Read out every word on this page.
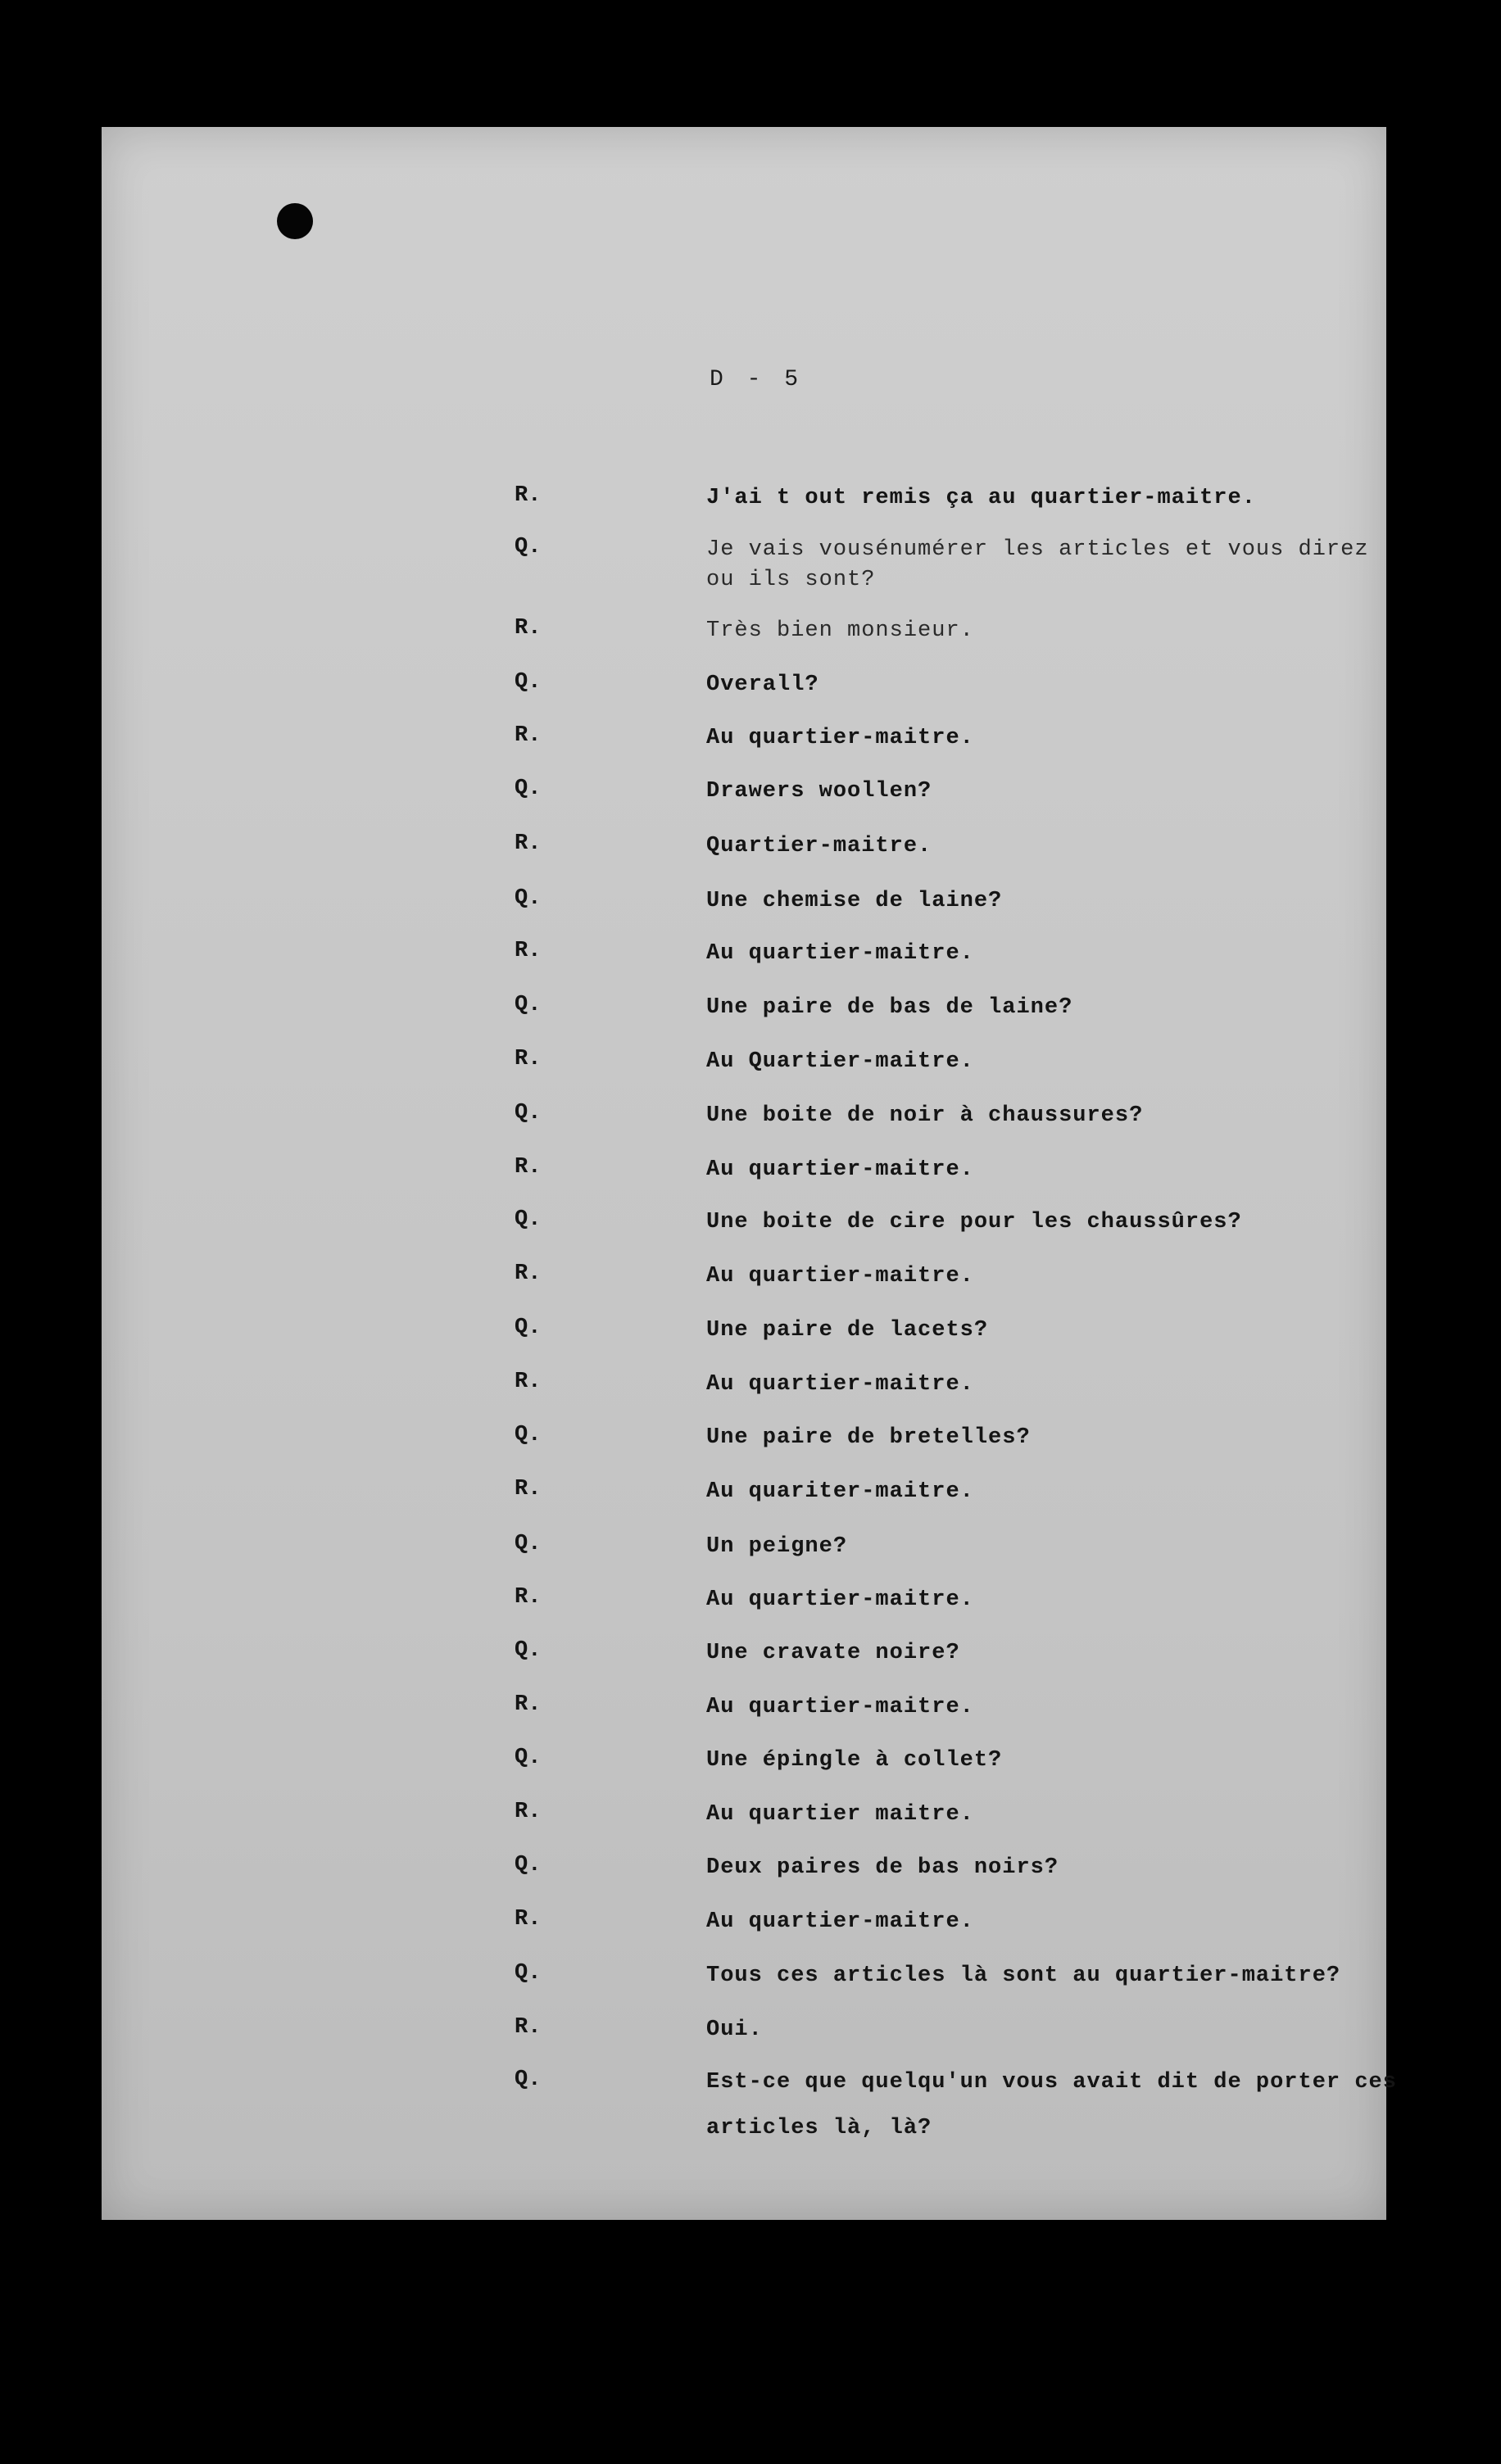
D - 5
R.	J'ai t out remis ça au quartier-maitre.
Q.	Je vais vousénumérer les articles et vous direz
ou ils sont?
R.	Très bien monsieur.
Q.	Overall?
R.	Au quartier-maitre.
Q.	Drawers woollen?
R.	Quartier-maitre.
Q.	Une chemise de laine?
R.	Au quartier-maitre.
Q.	Une paire de bas de laine?
R.	Au Quartier-maitre.
Q.	Une boite de noir à chaussures?
R.	Au quartier-maitre.
Q.	Une boite de cire pour les chaussûres?
R.	Au quartier-maitre.
Q.	Une paire de lacets?
R.	Au quartier-maitre.
Q.	Une paire de bretelles?
R.	Au quariter-maitre.
Q.	Un peigne?
R.	Au quartier-maitre.
Q.	Une cravate noire?
R.	Au quartier-maitre.
Q.	Une épingle à collet?
R.	Au quartier maitre.
Q.	Deux paires de bas noirs?
R.	Au quartier-maitre.
Q.	Tous ces articles là sont au quartier-maitre?
R.	Oui.
Q.	Est-ce que quelqu'un vous avait dit de porter ces
articles là, là?
